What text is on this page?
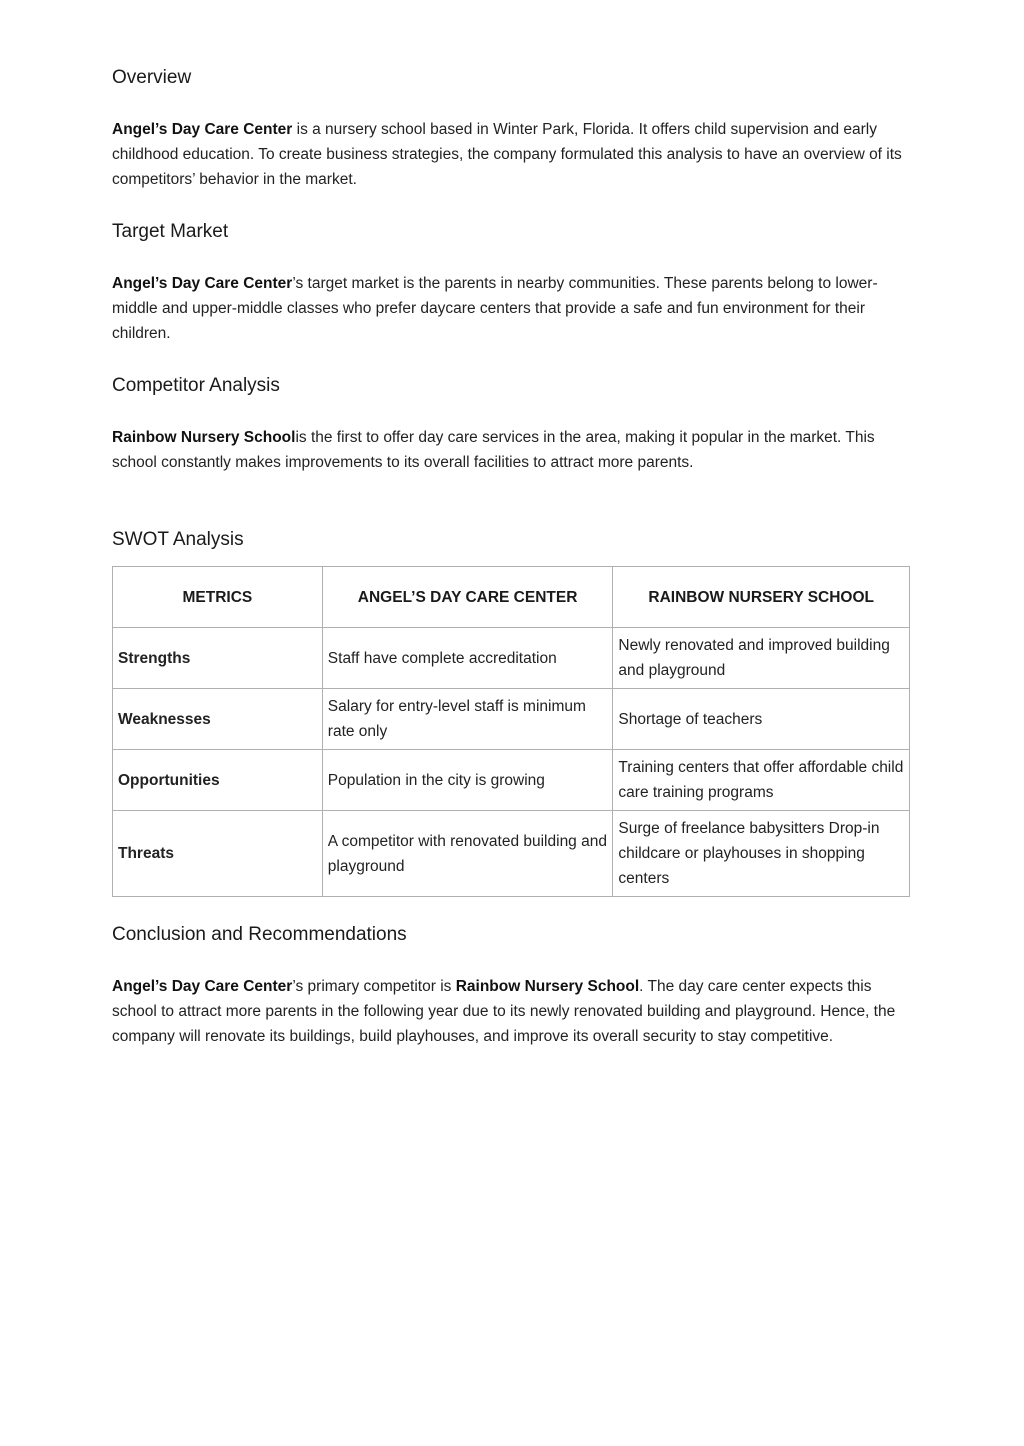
Overview

Angel’s Day Care Center is a nursery school based in Winter Park, Florida. It offers child supervision and early childhood education. To create business strategies, the company formulated this analysis to have an overview of its competitors’ behavior in the market.

Target Market

Angel’s Day Care Center’s target market is the parents in nearby communities. These parents belong to lower-middle and upper-middle classes who prefer daycare centers that provide a safe and fun environment for their children.

Competitor Analysis

Rainbow Nursery Schoolis the first to offer day care services in the area, making it popular in the market. This school constantly makes improvements to its overall facilities to attract more parents.

SWOT Analysis
METRICS	ANGEL’S DAY CARE CENTER	RAINBOW NURSERY SCHOOL
Strengths	Staff have complete accreditation	Newly renovated and improved building and playground
Weaknesses	Salary for entry-level staff is minimum rate only	Shortage of teachers
Opportunities	Population in the city is growing	Training centers that offer affordable child care training programs
Threats	A competitor with renovated building and playground	Surge of freelance babysitters Drop-in childcare or playhouses in shopping centers
Conclusion and Recommendations

Angel’s Day Care Center’s primary competitor is Rainbow Nursery School. The day care center expects this school to attract more parents in the following year due to its newly renovated building and playground. Hence, the company will renovate its buildings, build playhouses, and improve its overall security to stay competitive.
